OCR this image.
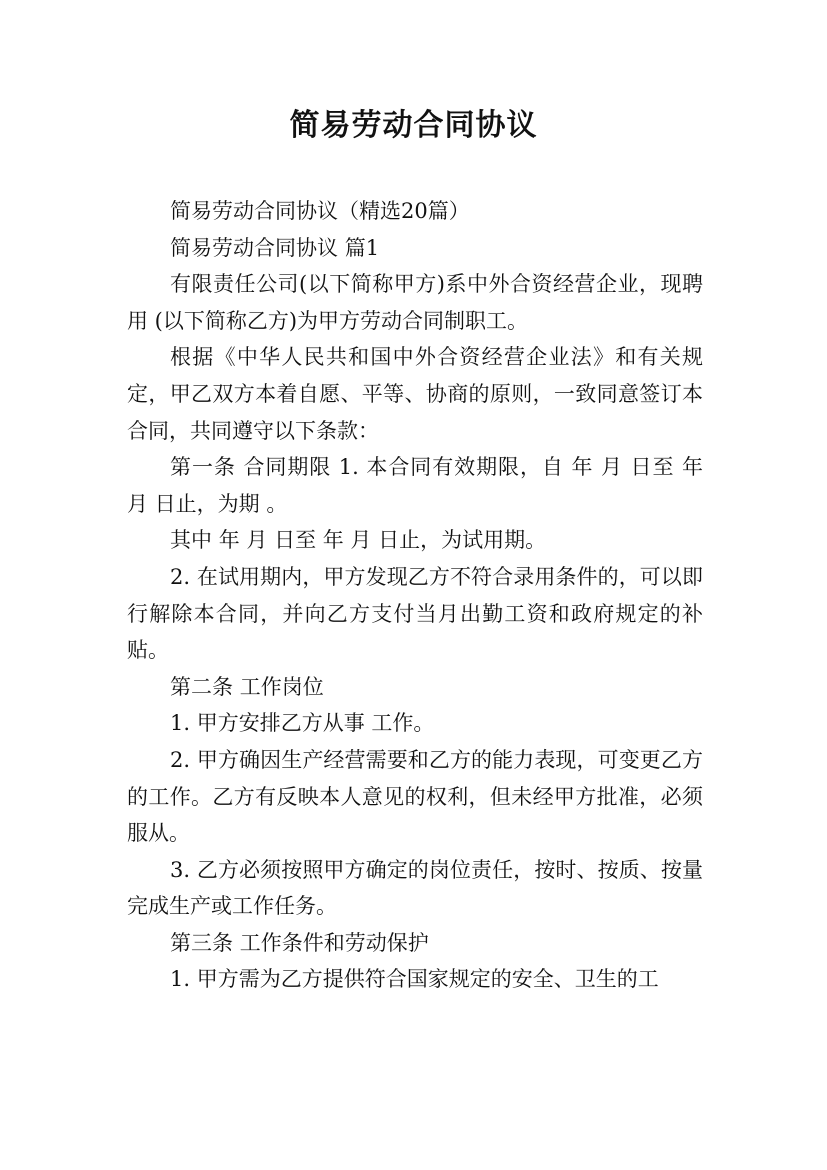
简易劳动合同协议

简易劳动合同协议（精选20篇）

简易劳动合同协议 篇1

有限责任公司(以下简称甲方)系中外合资经营企业，现聘用 (以下简称乙方)为甲方劳动合同制职工。

根据《中华人民共和国中外合资经营企业法》和有关规定，甲乙双方本着自愿、平等、协商的原则，一致同意签订本合同，共同遵守以下条款：

第一条 合同期限 1. 本合同有效期限，自 年 月 日至 年 月 日止，为期 。

其中 年 月 日至 年 月 日止，为试用期。

2. 在试用期内，甲方发现乙方不符合录用条件的，可以即行解除本合同，并向乙方支付当月出勤工资和政府规定的补贴。

第二条 工作岗位

1. 甲方安排乙方从事 工作。

2. 甲方确因生产经营需要和乙方的能力表现，可变更乙方的工作。乙方有反映本人意见的权利，但未经甲方批准，必须服从。

3. 乙方必须按照甲方确定的岗位责任，按时、按质、按量完成生产或工作任务。

第三条 工作条件和劳动保护

1. 甲方需为乙方提供符合国家规定的安全、卫生的工
